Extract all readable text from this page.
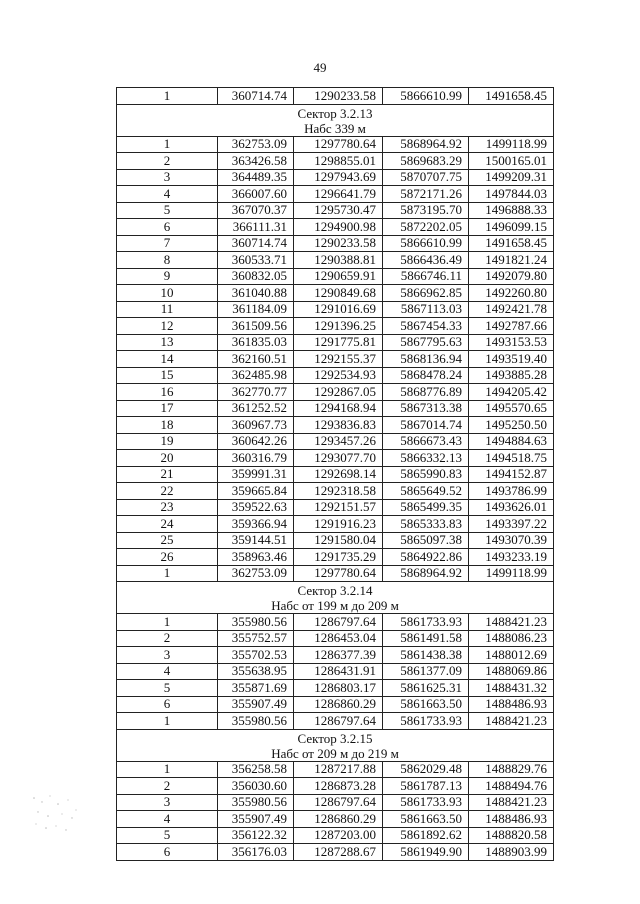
49
1	360714.74	1290233.58	5866610.99	1491658.45

Сектор 3.2.13
Набс 339 м				

1	362753.09	1297780.64	5868964.92	1499118.99
2	363426.58	1298855.01	5869683.29	1500165.01
3	364489.35	1297943.69	5870707.75	1499209.31
4	366007.60	1296641.79	5872171.26	1497844.03
5	367070.37	1295730.47	5873195.70	1496888.33
6	366111.31	1294900.98	5872202.05	1496099.15
7	360714.74	1290233.58	5866610.99	1491658.45
8	360533.71	1290388.81	5866436.49	1491821.24
9	360832.05	1290659.91	5866746.11	1492079.80
10	361040.88	1290849.68	5866962.85	1492260.80
11	361184.09	1291016.69	5867113.03	1492421.78
12	361509.56	1291396.25	5867454.33	1492787.66
13	361835.03	1291775.81	5867795.63	1493153.53
14	362160.51	1292155.37	5868136.94	1493519.40
15	362485.98	1292534.93	5868478.24	1493885.28
16	362770.77	1292867.05	5868776.89	1494205.42
17	361252.52	1294168.94	5867313.38	1495570.65
18	360967.73	1293836.83	5867014.74	1495250.50
19	360642.26	1293457.26	5866673.43	1494884.63
20	360316.79	1293077.70	5866332.13	1494518.75
21	359991.31	1292698.14	5865990.83	1494152.87
22	359665.84	1292318.58	5865649.52	1493786.99
23	359522.63	1292151.57	5865499.35	1493626.01
24	359366.94	1291916.23	5865333.83	1493397.22
25	359144.51	1291580.04	5865097.38	1493070.39
26	358963.46	1291735.29	5864922.86	1493233.19
1	362753.09	1297780.64	5868964.92	1499118.99

Сектор 3.2.14
Набс от 199 м до 209 м				

1	355980.56	1286797.64	5861733.93	1488421.23
2	355752.57	1286453.04	5861491.58	1488086.23
3	355702.53	1286377.39	5861438.38	1488012.69
4	355638.95	1286431.91	5861377.09	1488069.86
5	355871.69	1286803.17	5861625.31	1488431.32
6	355907.49	1286860.29	5861663.50	1488486.93
1	355980.56	1286797.64	5861733.93	1488421.23

Сектор 3.2.15
Набс от 209 м до 219 м				

1	356258.58	1287217.88	5862029.48	1488829.76
2	356030.60	1286873.28	5861787.13	1488494.76
3	355980.56	1286797.64	5861733.93	1488421.23
4	355907.49	1286860.29	5861663.50	1488486.93
5	356122.32	1287203.00	5861892.62	1488820.58
6	356176.03	1287288.67	5861949.90	1488903.99
